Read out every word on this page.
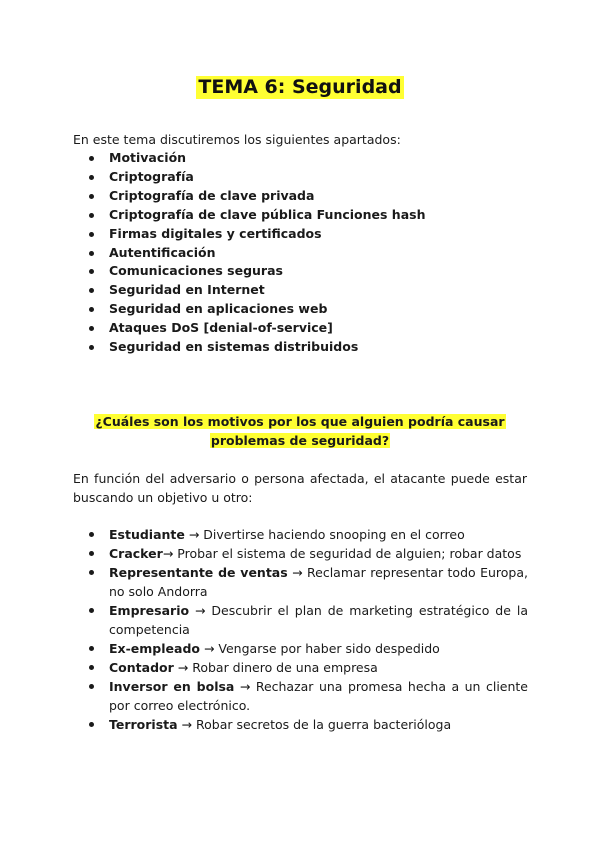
TEMA 6: Seguridad
En este tema discutiremos los siguientes apartados:
Motivación
Criptografía
Criptografía de clave privada
Criptografía de clave pública Funciones hash
Firmas digitales y certificados
Autentificación
Comunicaciones seguras
Seguridad en Internet
Seguridad en aplicaciones web
Ataques DoS [denial-of-service]
Seguridad en sistemas distribuidos
¿Cuáles son los motivos por los que alguien podría causar
problemas de seguridad?
En función del adversario o persona afectada, el atacante puede estar buscando un objetivo u otro:
Estudiante → Divertirse haciendo snooping en el correo
Cracker→ Probar el sistema de seguridad de alguien; robar datos
Representante de ventas → Reclamar representar todo Europa, no solo Andorra
Empresario → Descubrir el plan de marketing estratégico de la competencia
Ex-empleado → Vengarse por haber sido despedido
Contador → Robar dinero de una empresa
Inversor en bolsa → Rechazar una promesa hecha a un cliente por correo electrónico.
Terrorista → Robar secretos de la guerra bacteriólogа
